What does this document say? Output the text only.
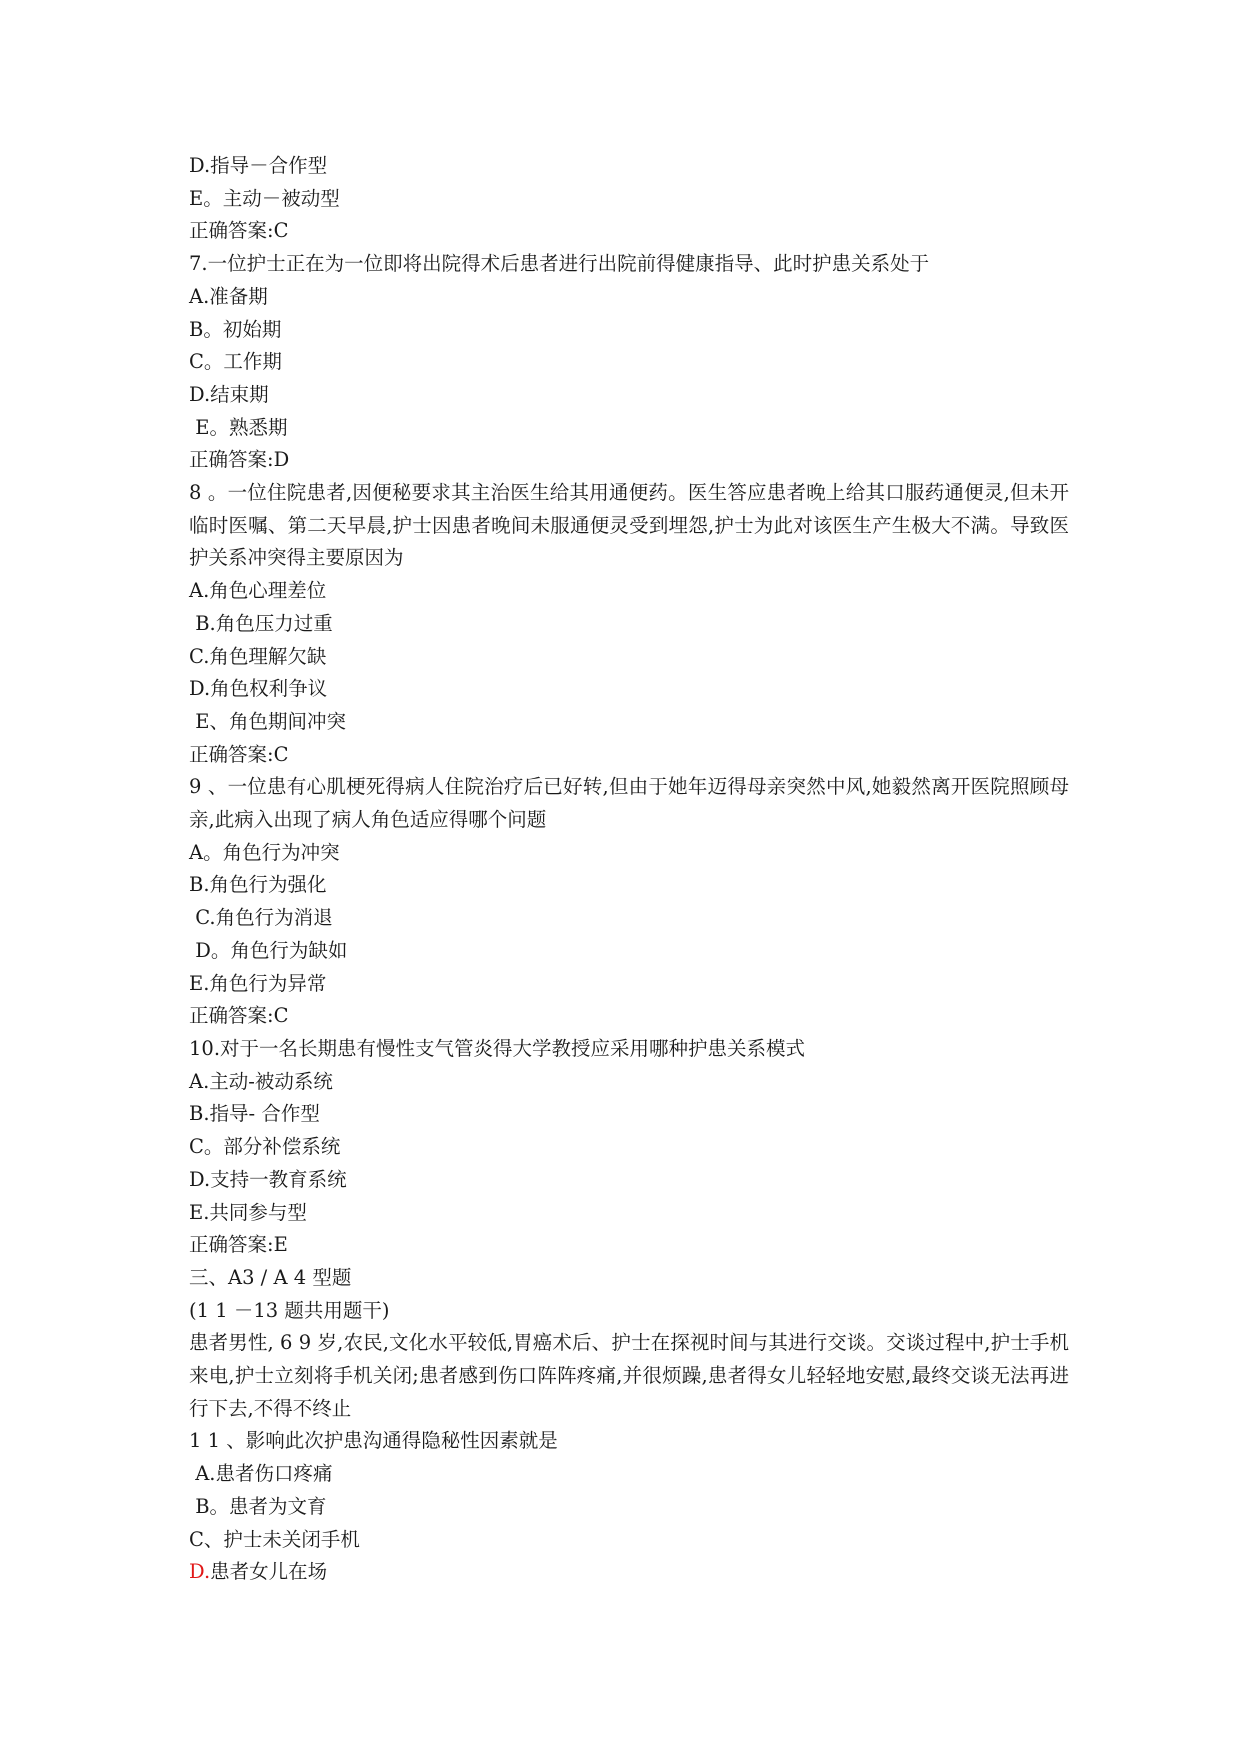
D.指导－合作型
E。主动－被动型
正确答案:C
7.一位护士正在为一位即将出院得术后患者进行出院前得健康指导、此时护患关系处于
A.准备期
B。初始期
C。工作期
D.结束期
E。熟悉期
正确答案:D
8 。一位住院患者,因便秘要求其主治医生给其用通便药。医生答应患者晚上给其口服药通便灵,但未开临时医嘱、第二天早晨,护士因患者晚间未服通便灵受到埋怨,护士为此对该医生产生极大不满。导致医护关系冲突得主要原因为
A.角色心理差位
B.角色压力过重
C.角色理解欠缺
D.角色权利争议
E、角色期间冲突
正确答案:C
9 、一位患有心肌梗死得病人住院治疗后已好转,但由于她年迈得母亲突然中风,她毅然离开医院照顾母亲,此病入出现了病人角色适应得哪个问题
A。角色行为冲突
B.角色行为强化
C.角色行为消退
D。角色行为缺如
E.角色行为异常
正确答案:C
10.对于一名长期患有慢性支气管炎得大学教授应采用哪种护患关系模式
A.主动-被动系统
B.指导- 合作型
C。部分补偿系统
D.支持一教育系统
E.共同参与型
正确答案:E
三、A3 / A 4 型题
(1 1 －13 题共用题干)
患者男性, 6 9 岁,农民,文化水平较低,胃癌术后、护士在探视时间与其进行交谈。交谈过程中,护士手机来电,护士立刻将手机关闭;患者感到伤口阵阵疼痛,并很烦躁,患者得女儿轻轻地安慰,最终交谈无法再进行下去,不得不终止
1 1 、影响此次护患沟通得隐秘性因素就是
A.患者伤口疼痛
B。患者为文育
C、护士未关闭手机
D.患者女儿在场
